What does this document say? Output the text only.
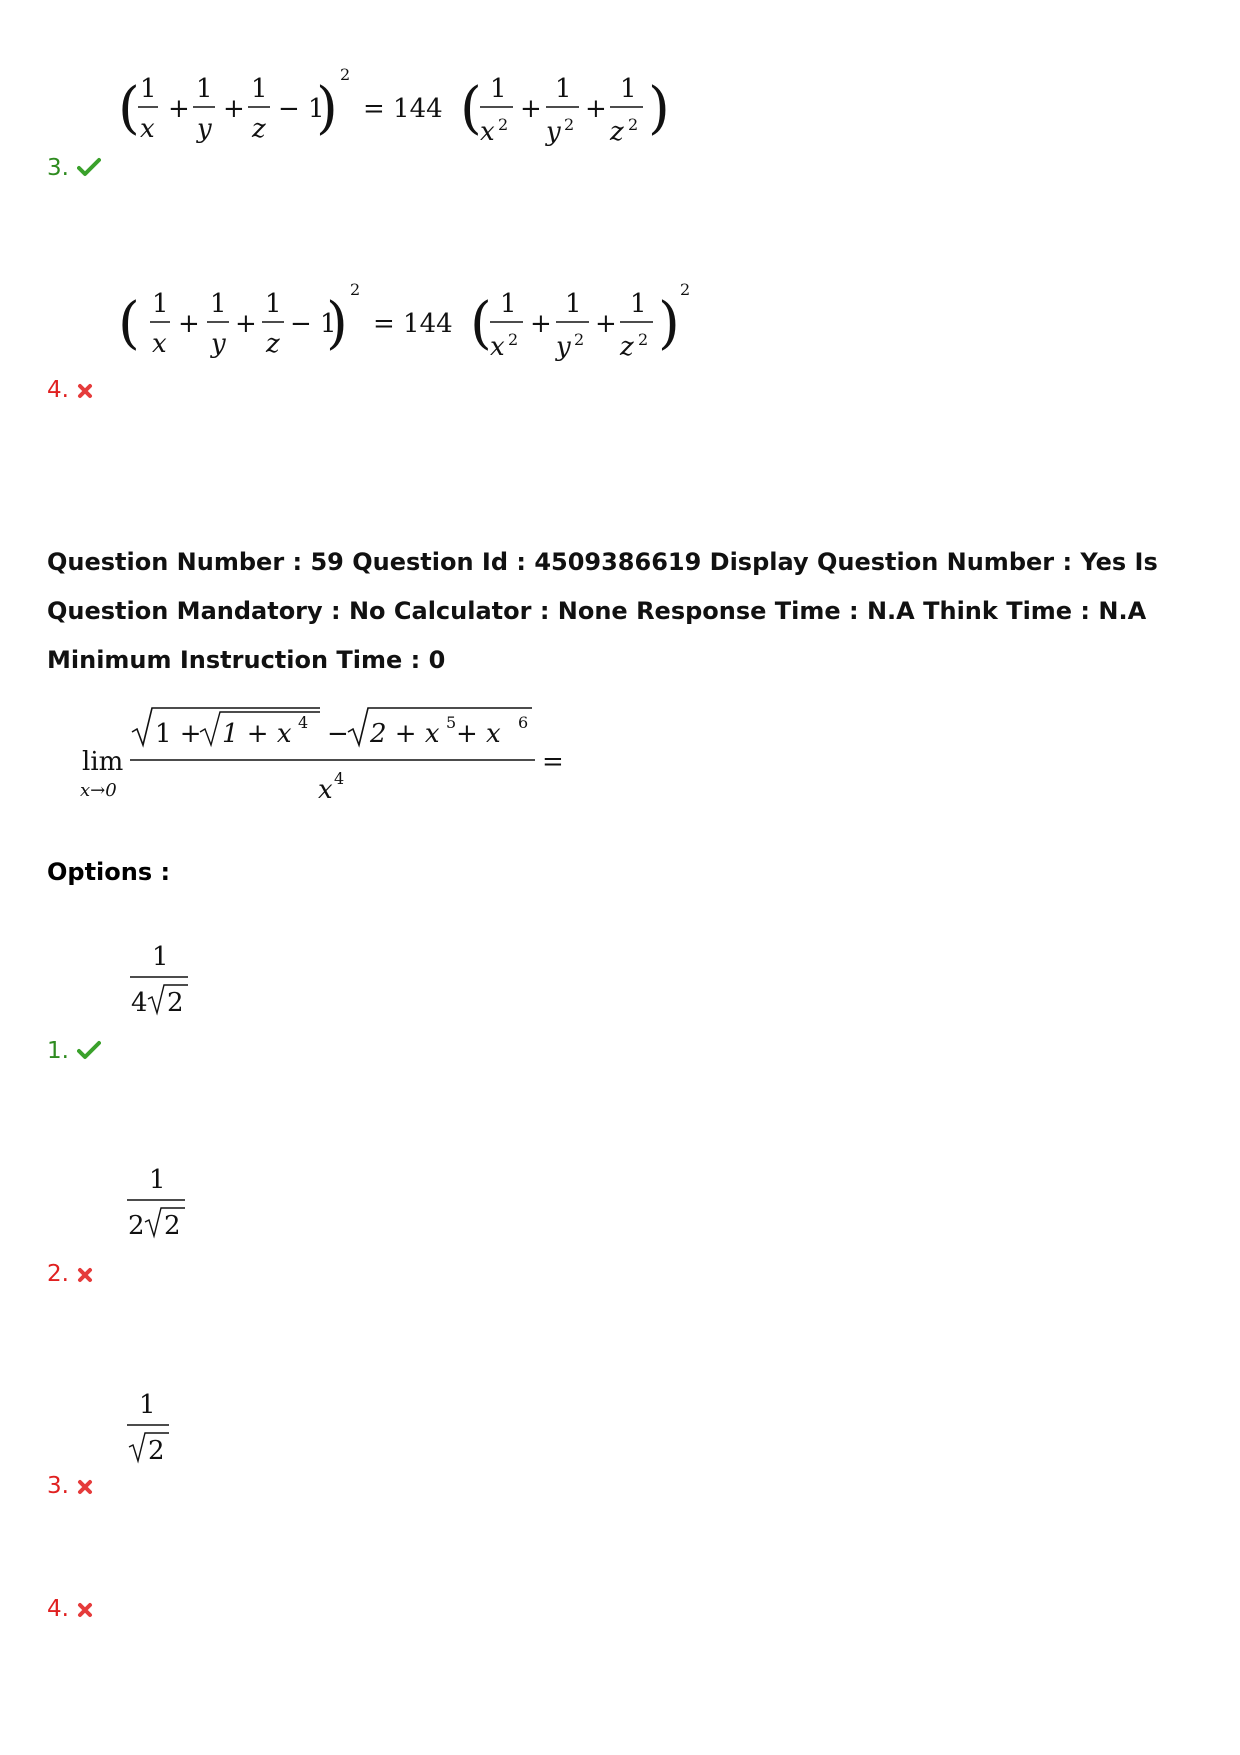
( 1
x
+
1
y
+
1
z
− 1
)
2
= 144 ( 1
x 2
+
1
y 2
+
1
z 2 )
3.
( 1
x
+
1
y
+
1
z
− 1
)
2
= 144 ( 1
x 2
+
1
y 2
+
1
z 2 )
2
4.
Question Number : 59 Question Id : 4509386619 Display Question Number : Yes Is Question Mandatory : No Calculator : None Response Time : N.A Think Time : N.A Minimum Instruction Time : 0
lim
x→0
1 + 1 + x 4 − 2 + x 5 + x 6
x 4
=
Options :
1
4 2
1.
1
2 2
2.
1
2
3.
4.
